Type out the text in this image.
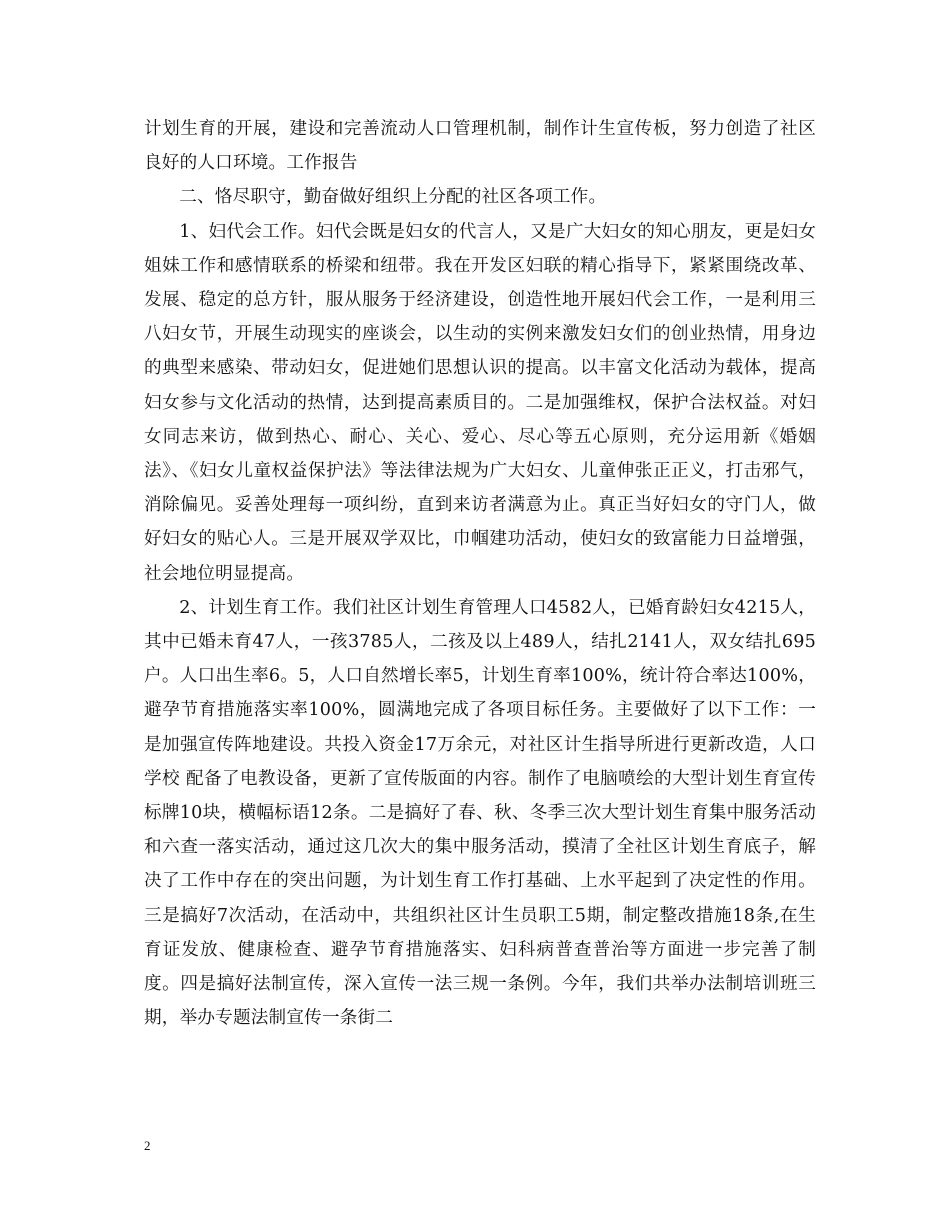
计划生育的开展，建设和完善流动人口管理机制，制作计生宣传板，努力创造了社区良好的人口环境。工作报告

二、恪尽职守，勤奋做好组织上分配的社区各项工作。

1、妇代会工作。妇代会既是妇女的代言人，又是广大妇女的知心朋友，更是妇女姐妹工作和感情联系的桥梁和纽带。我在开发区妇联的精心指导下，紧紧围绕改革、发展、稳定的总方针，服从服务于经济建设，创造性地开展妇代会工作，一是利用三八妇女节，开展生动现实的座谈会，以生动的实例来激发妇女们的创业热情，用身边的典型来感染、带动妇女，促进她们思想认识的提高。以丰富文化活动为载体，提高妇女参与文化活动的热情，达到提高素质目的。二是加强维权，保护合法权益。对妇女同志来访，做到热心、耐心、关心、爱心、尽心等五心原则，充分运用新《婚姻法》、《妇女儿童权益保护法》等法律法规为广大妇女、儿童伸张正正义，打击邪气，消除偏见。妥善处理每一项纠纷，直到来访者满意为止。真正当好妇女的守门人，做好妇女的贴心人。三是开展双学双比，巾帼建功活动，使妇女的致富能力日益增强，社会地位明显提高。

2、计划生育工作。我们社区计划生育管理人口4582人，已婚育龄妇女4215人，其中已婚未育47人，一孩3785人，二孩及以上489人，结扎2141人，双女结扎695户。人口出生率6。5，人口自然增长率5，计划生育率100%，统计符合率达100%，避孕节育措施落实率100%，圆满地完成了各项目标任务。主要做好了以下工作：一是加强宣传阵地建设。共投入资金17万余元，对社区计生指导所进行更新改造，人口学校 配备了电教设备，更新了宣传版面的内容。制作了电脑喷绘的大型计划生育宣传标牌10块，横幅标语12条。二是搞好了春、秋、冬季三次大型计划生育集中服务活动和六查一落实活动，通过这几次大的集中服务活动，摸清了全社区计划生育底子，解决了工作中存在的突出问题，为计划生育工作打基础、上水平起到了决定性的作用。三是搞好7次活动，在活动中，共组织社区计生员职工5期，制定整改措施18条,在生育证发放、健康检查、避孕节育措施落实、妇科病普查普治等方面进一步完善了制度。四是搞好法制宣传，深入宣传一法三规一条例。今年，我们共举办法制培训班三期，举办专题法制宣传一条街二

2
